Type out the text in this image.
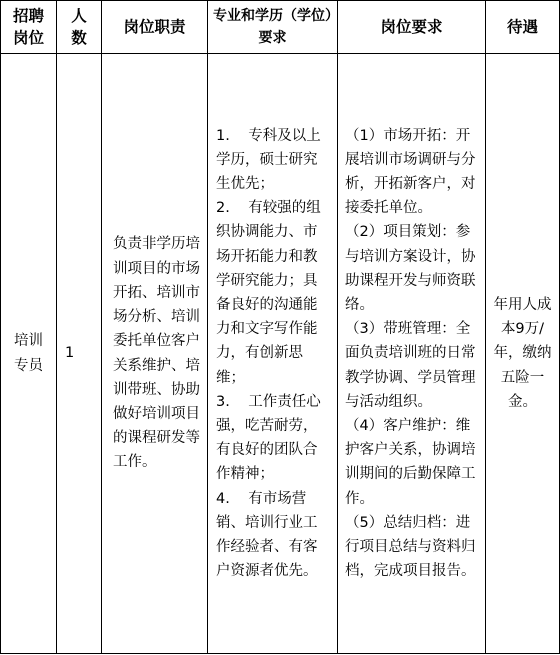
招聘岗位	人数	岗位职责	专业和学历（学位）要求	岗位要求	待遇

培训专员	1	负责非学历培训项目的市场开拓、培训市场分析、培训委托单位客户关系维护、培训带班、协助做好培训项目的课程研发等工作。	1.    专科及以上学历，硕士研究生优先；
2.    有较强的组织协调能力、市场开拓能力和教学研究能力；具备良好的沟通能力和文字写作能力，有创新思维；
3.    工作责任心强，吃苦耐劳，有良好的团队合作精神；
4.    有市场营销、培训行业工作经验者、有客户资源者优先。	（1）市场开拓：开展培训市场调研与分析，开拓新客户，对接委托单位。
（2）项目策划：参与培训方案设计，协助课程开发与师资联络。
（3）带班管理：全面负责培训班的日常教学协调、学员管理与活动组织。
（4）客户维护：维护客户关系，协调培训期间的后勤保障工作。
（5）总结归档：进行项目总结与资料归档，完成项目报告。	年用人成本9万/年，缴纳五险一金。
